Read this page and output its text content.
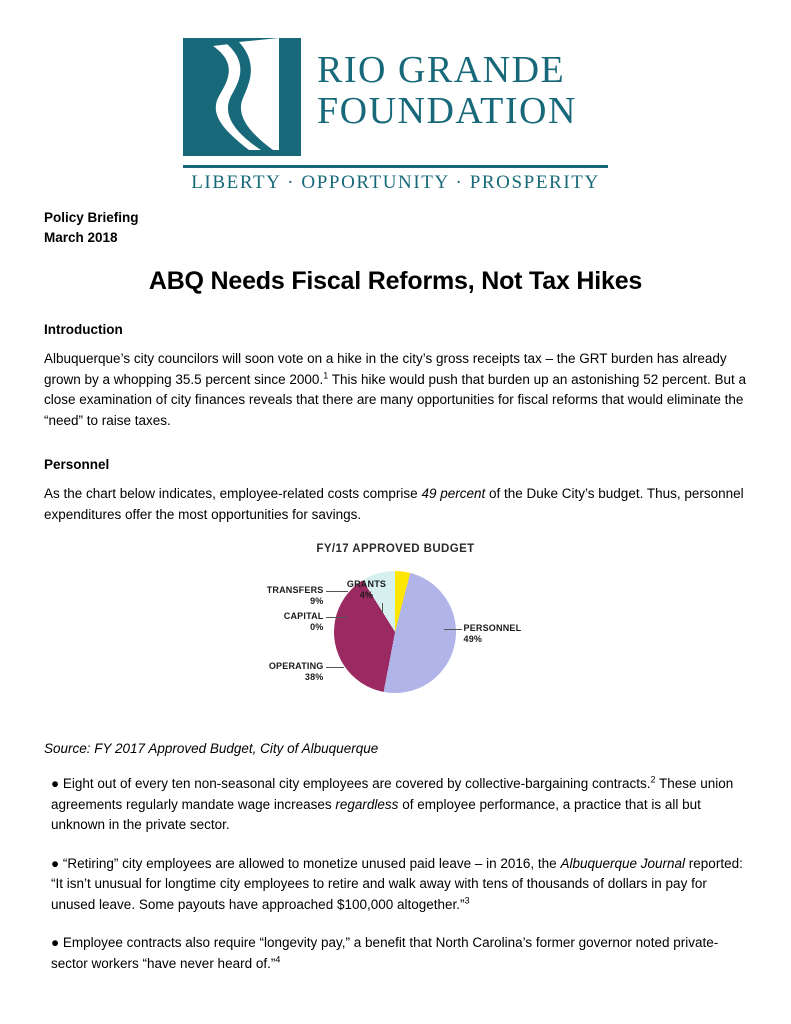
RIO GRANDE
FOUNDATION
LIBERTY · OPPORTUNITY · PROSPERITY
Policy Briefing
March 2018
ABQ Needs Fiscal Reforms, Not Tax Hikes
Introduction

Albuquerque’s city councilors will soon vote on a hike in the city’s gross receipts tax – the GRT burden has already grown by a whopping 35.5 percent since 2000.$^1$ This hike would push that burden up an astonishing 52 percent. But a close examination of city finances reveals that there are many opportunities for fiscal reforms that would eliminate the “need” to raise taxes.

Personnel

As the chart below indicates, employee-related costs comprise 49 percent of the Duke City’s budget. Thus, personnel expenditures offer the most opportunities for savings.

FY/17 APPROVED BUDGET
GRANTS
4%
TRANSFERS
9%
CAPITAL
0%	PERSONNEL
49%
OPERATING
38%

Source: FY 2017 Approved Budget, City of Albuquerque

● Eight out of every ten non-seasonal city employees are covered by collective-bargaining contracts.$^2$ These union agreements regularly mandate wage increases regardless of employee performance, a practice that is all but unknown in the private sector.

● “Retiring” city employees are allowed to monetize unused paid leave – in 2016, the Albuquerque Journal reported: “It isn’t unusual for longtime city employees to retire and walk away with tens of thousands of dollars in pay for unused leave. Some payouts have approached $100,000 altogether.”$^3$

● Employee contracts also require “longevity pay,” a benefit that North Carolina’s former governor noted private-sector workers “have never heard of.”$^4$
